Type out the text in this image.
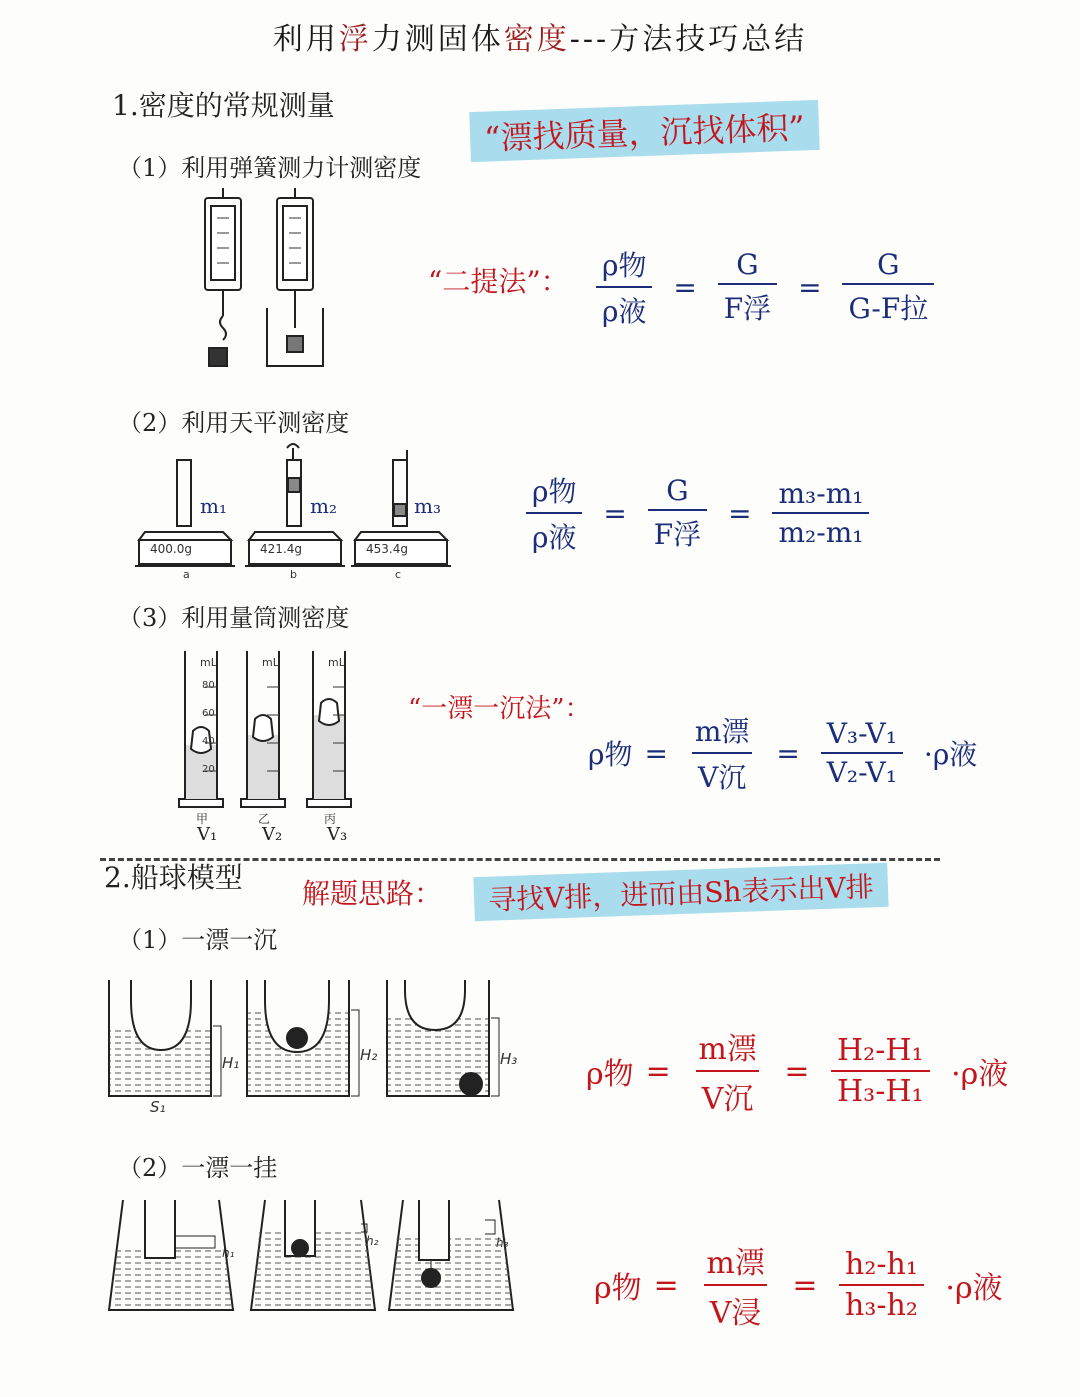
利用浮力测固体密度---方法技巧总结
1.密度的常规测量
“漂找质量，沉找体积”
（1）利用弹簧测力计测密度
“二提法”： $\frac{\text{ρ物}}{\text{ρ液}} = \frac{G}{\text{F浮}} = \frac{G}{\text{G-F拉}}$
（2）利用天平测密度
m₁	m₂	m₃
400.0g	421.4g	453.4g
a	b	c
$\frac{\text{ρ物}}{\text{ρ液}} = \frac{G}{\text{F浮}} = \frac{\text{m₃-m₁}}{\text{m₂-m₁}}$
（3）利用量筒测密度
mL	mL	mL
80
60
40
20
甲	乙	丙
V₁ V₂ V₃
“一漂一沉法”：
ρ物 = $\frac{\text{m漂}}{\text{V沉}} = \frac{\text{V₃-V₁}}{\text{V₂-V₁}} \cdot\rho$液
2.船球模型 解题思路：	寻找V排，进而由Sh表示出V排
（1）一漂一沉
H₁	H₂	H₃
S₁
ρ物 = $\frac{\text{m漂}}{\text{V沉}} = \frac{\text{H₂-H₁}}{\text{H₃-H₁}} \cdot\rho$液
（2）一漂一挂
h₁
h₂	h₃
ρ物 = $\frac{\text{m漂}}{\text{V浸}} = \frac{\text{h₂-h₁}}{\text{h₃-h₂}} \cdot\rho$液
